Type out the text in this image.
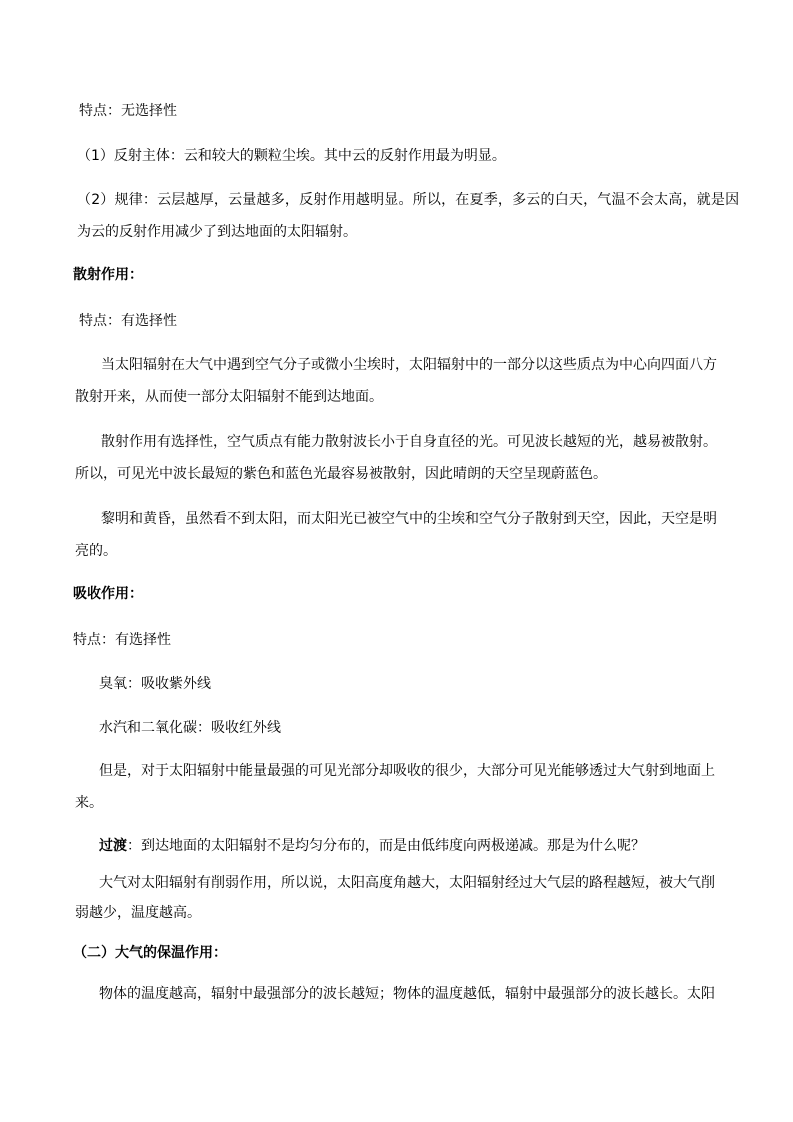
特点：无选择性
（1）反射主体：云和较大的颗粒尘埃。其中云的反射作用最为明显。
（2）规律：云层越厚，云量越多，反射作用越明显。所以，在夏季，多云的白天，气温不会太高，就是因
为云的反射作用减少了到达地面的太阳辐射。
散射作用：
特点：有选择性
当太阳辐射在大气中遇到空气分子或微小尘埃时，太阳辐射中的一部分以这些质点为中心向四面八方
散射开来，从而使一部分太阳辐射不能到达地面。
散射作用有选择性，空气质点有能力散射波长小于自身直径的光。可见波长越短的光，越易被散射。
所以，可见光中波长最短的紫色和蓝色光最容易被散射，因此晴朗的天空呈现蔚蓝色。
黎明和黄昏，虽然看不到太阳，而太阳光已被空气中的尘埃和空气分子散射到天空，因此，天空是明
亮的。
吸收作用：
特点：有选择性
臭氧：吸收紫外线
水汽和二氧化碳：吸收红外线
但是，对于太阳辐射中能量最强的可见光部分却吸收的很少，大部分可见光能够透过大气射到地面上
来。
过渡：到达地面的太阳辐射不是均匀分布的，而是由低纬度向两极递减。那是为什么呢？
大气对太阳辐射有削弱作用，所以说，太阳高度角越大，太阳辐射经过大气层的路程越短，被大气削
弱越少，温度越高。
（二）大气的保温作用：
物体的温度越高，辐射中最强部分的波长越短；物体的温度越低，辐射中最强部分的波长越长。太阳
